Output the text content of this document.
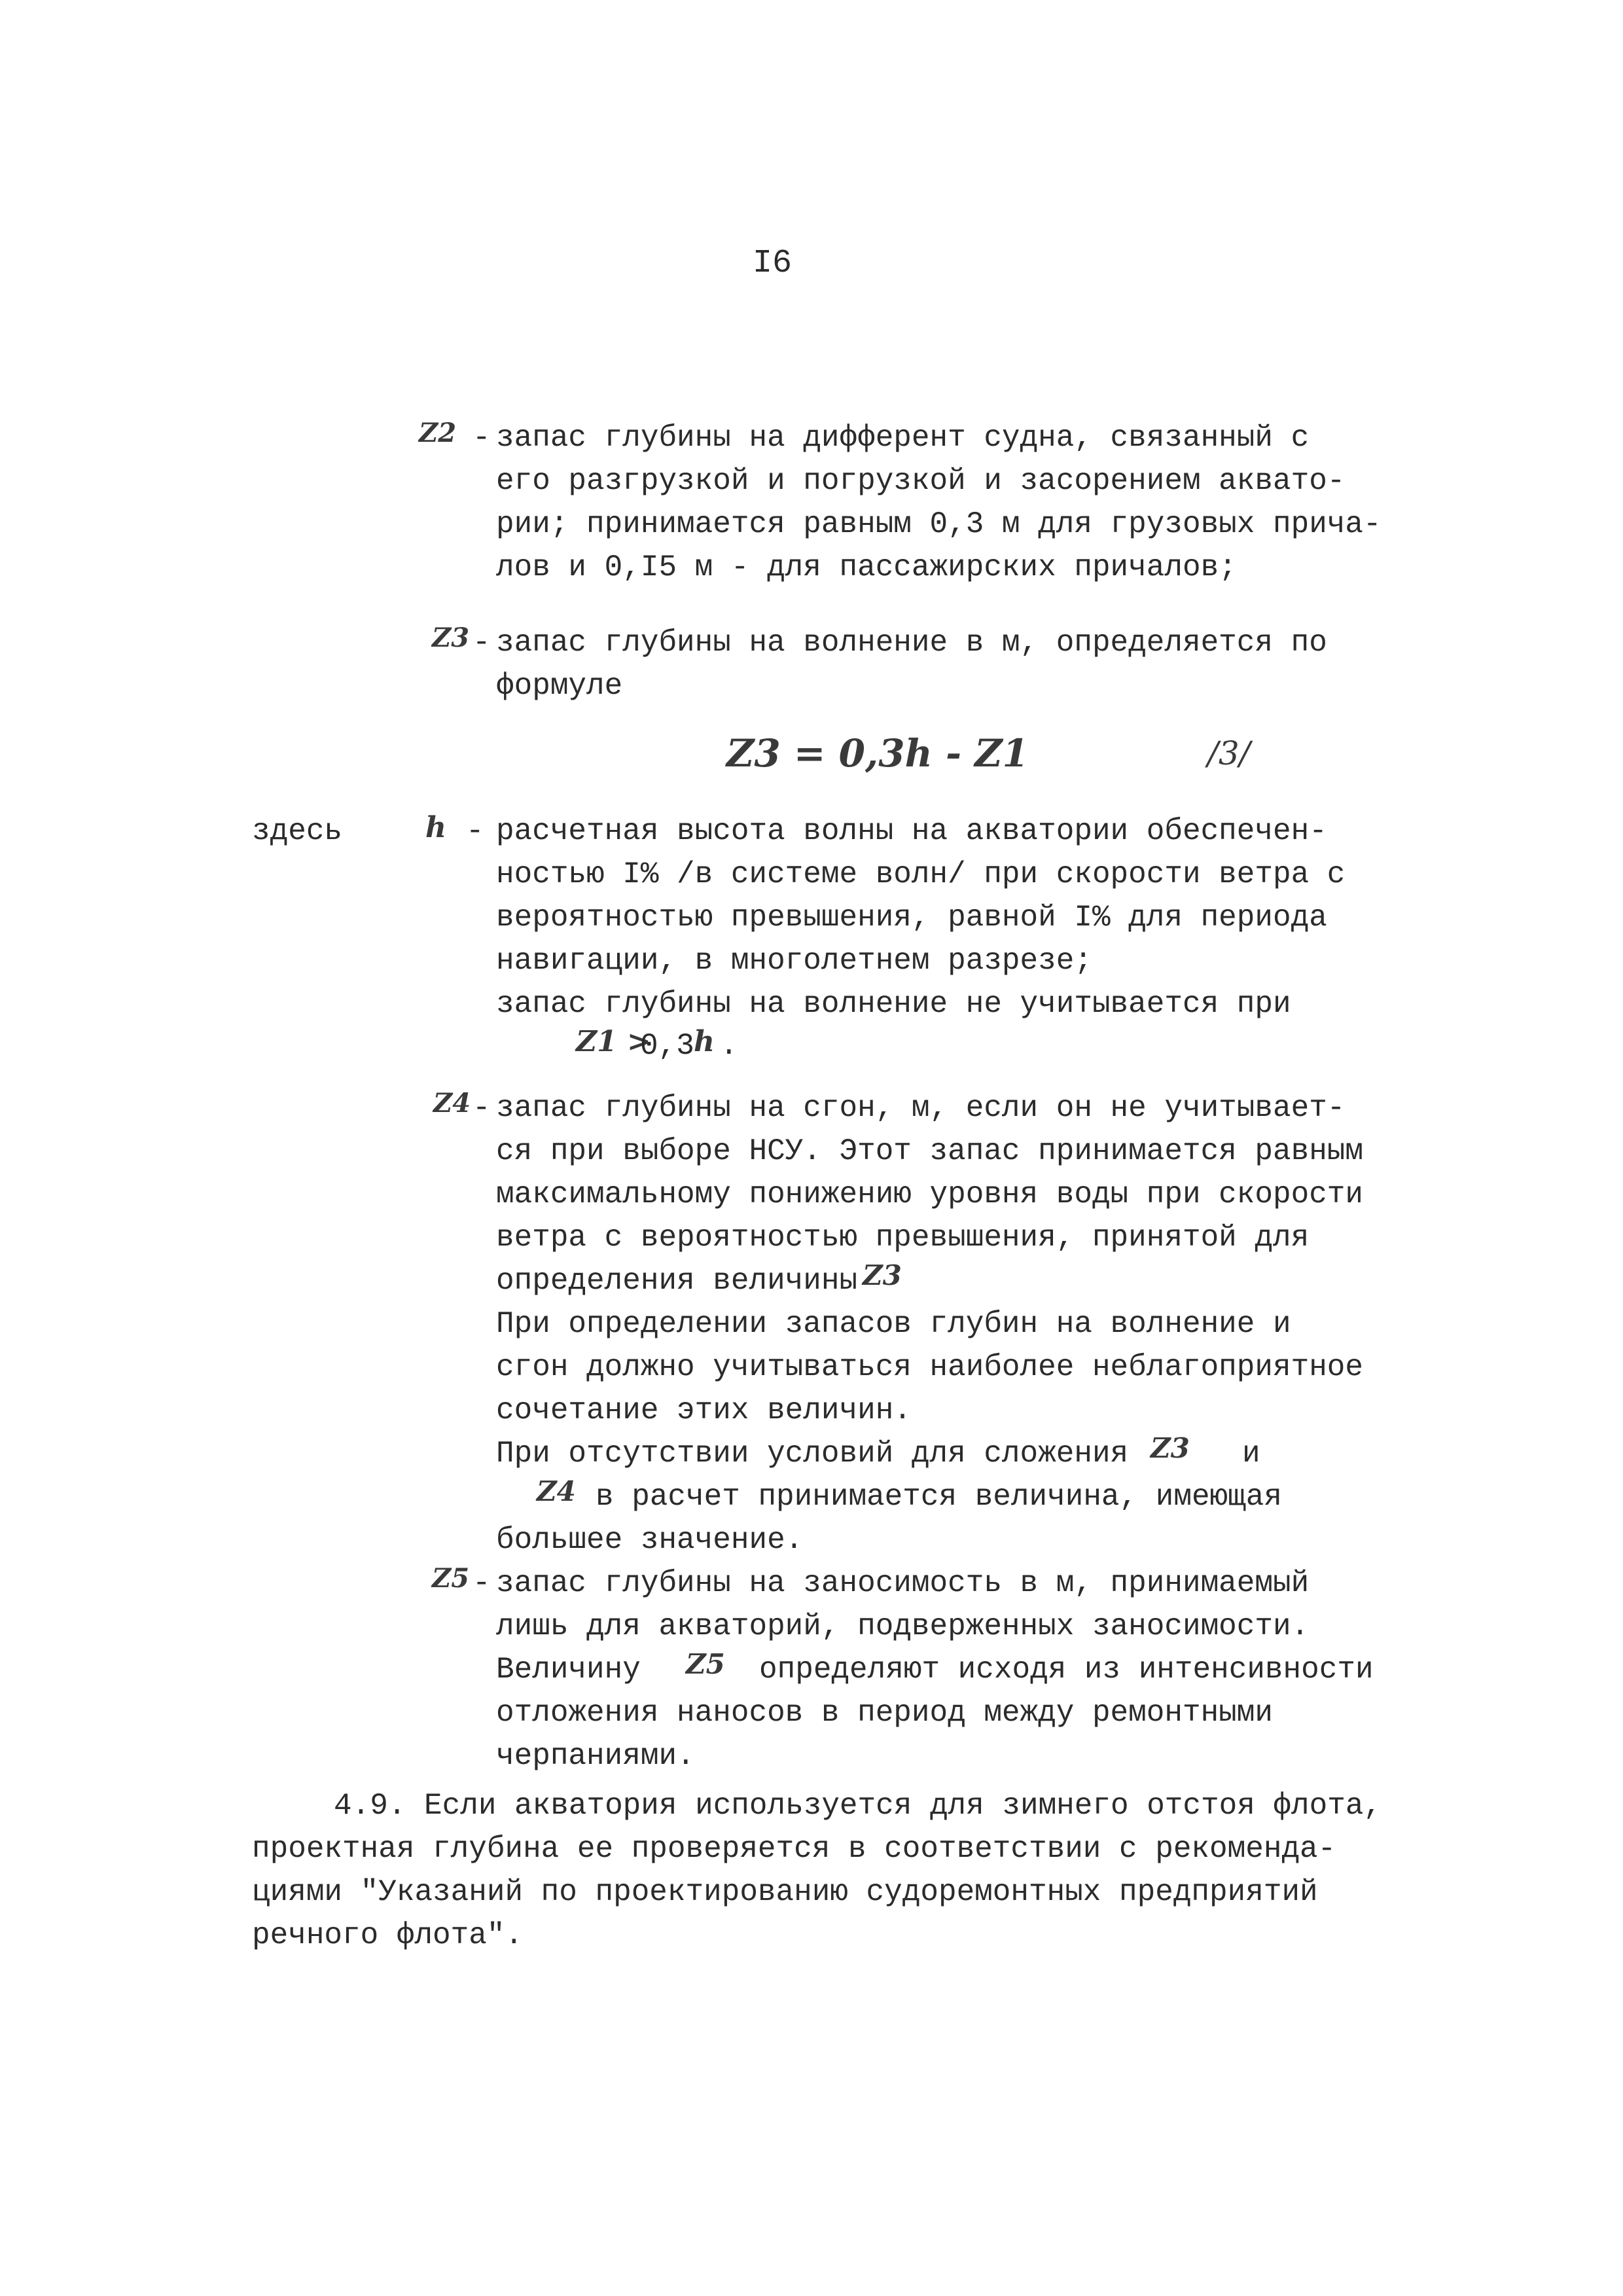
I6
Z2 - запас глубины на дифферент судна, связанный с
его разгрузкой и погрузкой и засорением аквато-
рии; принимается равным 0,3 м для грузовых прича-
лов и 0,I5 м - для пассажирских причалов;
Z3 - запас глубины на волнение в м, определяется по
формуле
Z3 = 0,3h - Z1	/3/
здесь	h - расчетная высота волны на акватории обеспечен-
ностью I% /в системе волн/ при скорости ветра с
вероятностью превышения, равной I% для периода
навигации, в многолетнем разрезе;
запас глубины на волнение не учитывается при
Z1 >
0,3 h .
Z4 - запас глубины на сгон, м, если он не учитывает-
ся при выборе НСУ. Этот запас принимается равным
максимальному понижению уровня воды при скорости
ветра с вероятностью превышения, принятой для
определения величины Z3
При определении запасов глубин на волнение и
сгон должно учитываться наиболее неблагоприятное
сочетание этих величин.
При отсутствии условий для сложения Z3 и
Z4 в расчет принимается величина, имеющая
большее значение.
Z5 - запас глубины на заносимость в м, принимаемый
лишь для акваторий, подверженных заносимости.
Величину Z5 определяют исходя из интенсивности
отложения наносов в период между ремонтными
черпаниями.
4.9. Если акватория используется для зимнего отстоя флота,
проектная глубина ее проверяется в соответствии с рекоменда-
циями "Указаний по проектированию судоремонтных предприятий
речного флота".
